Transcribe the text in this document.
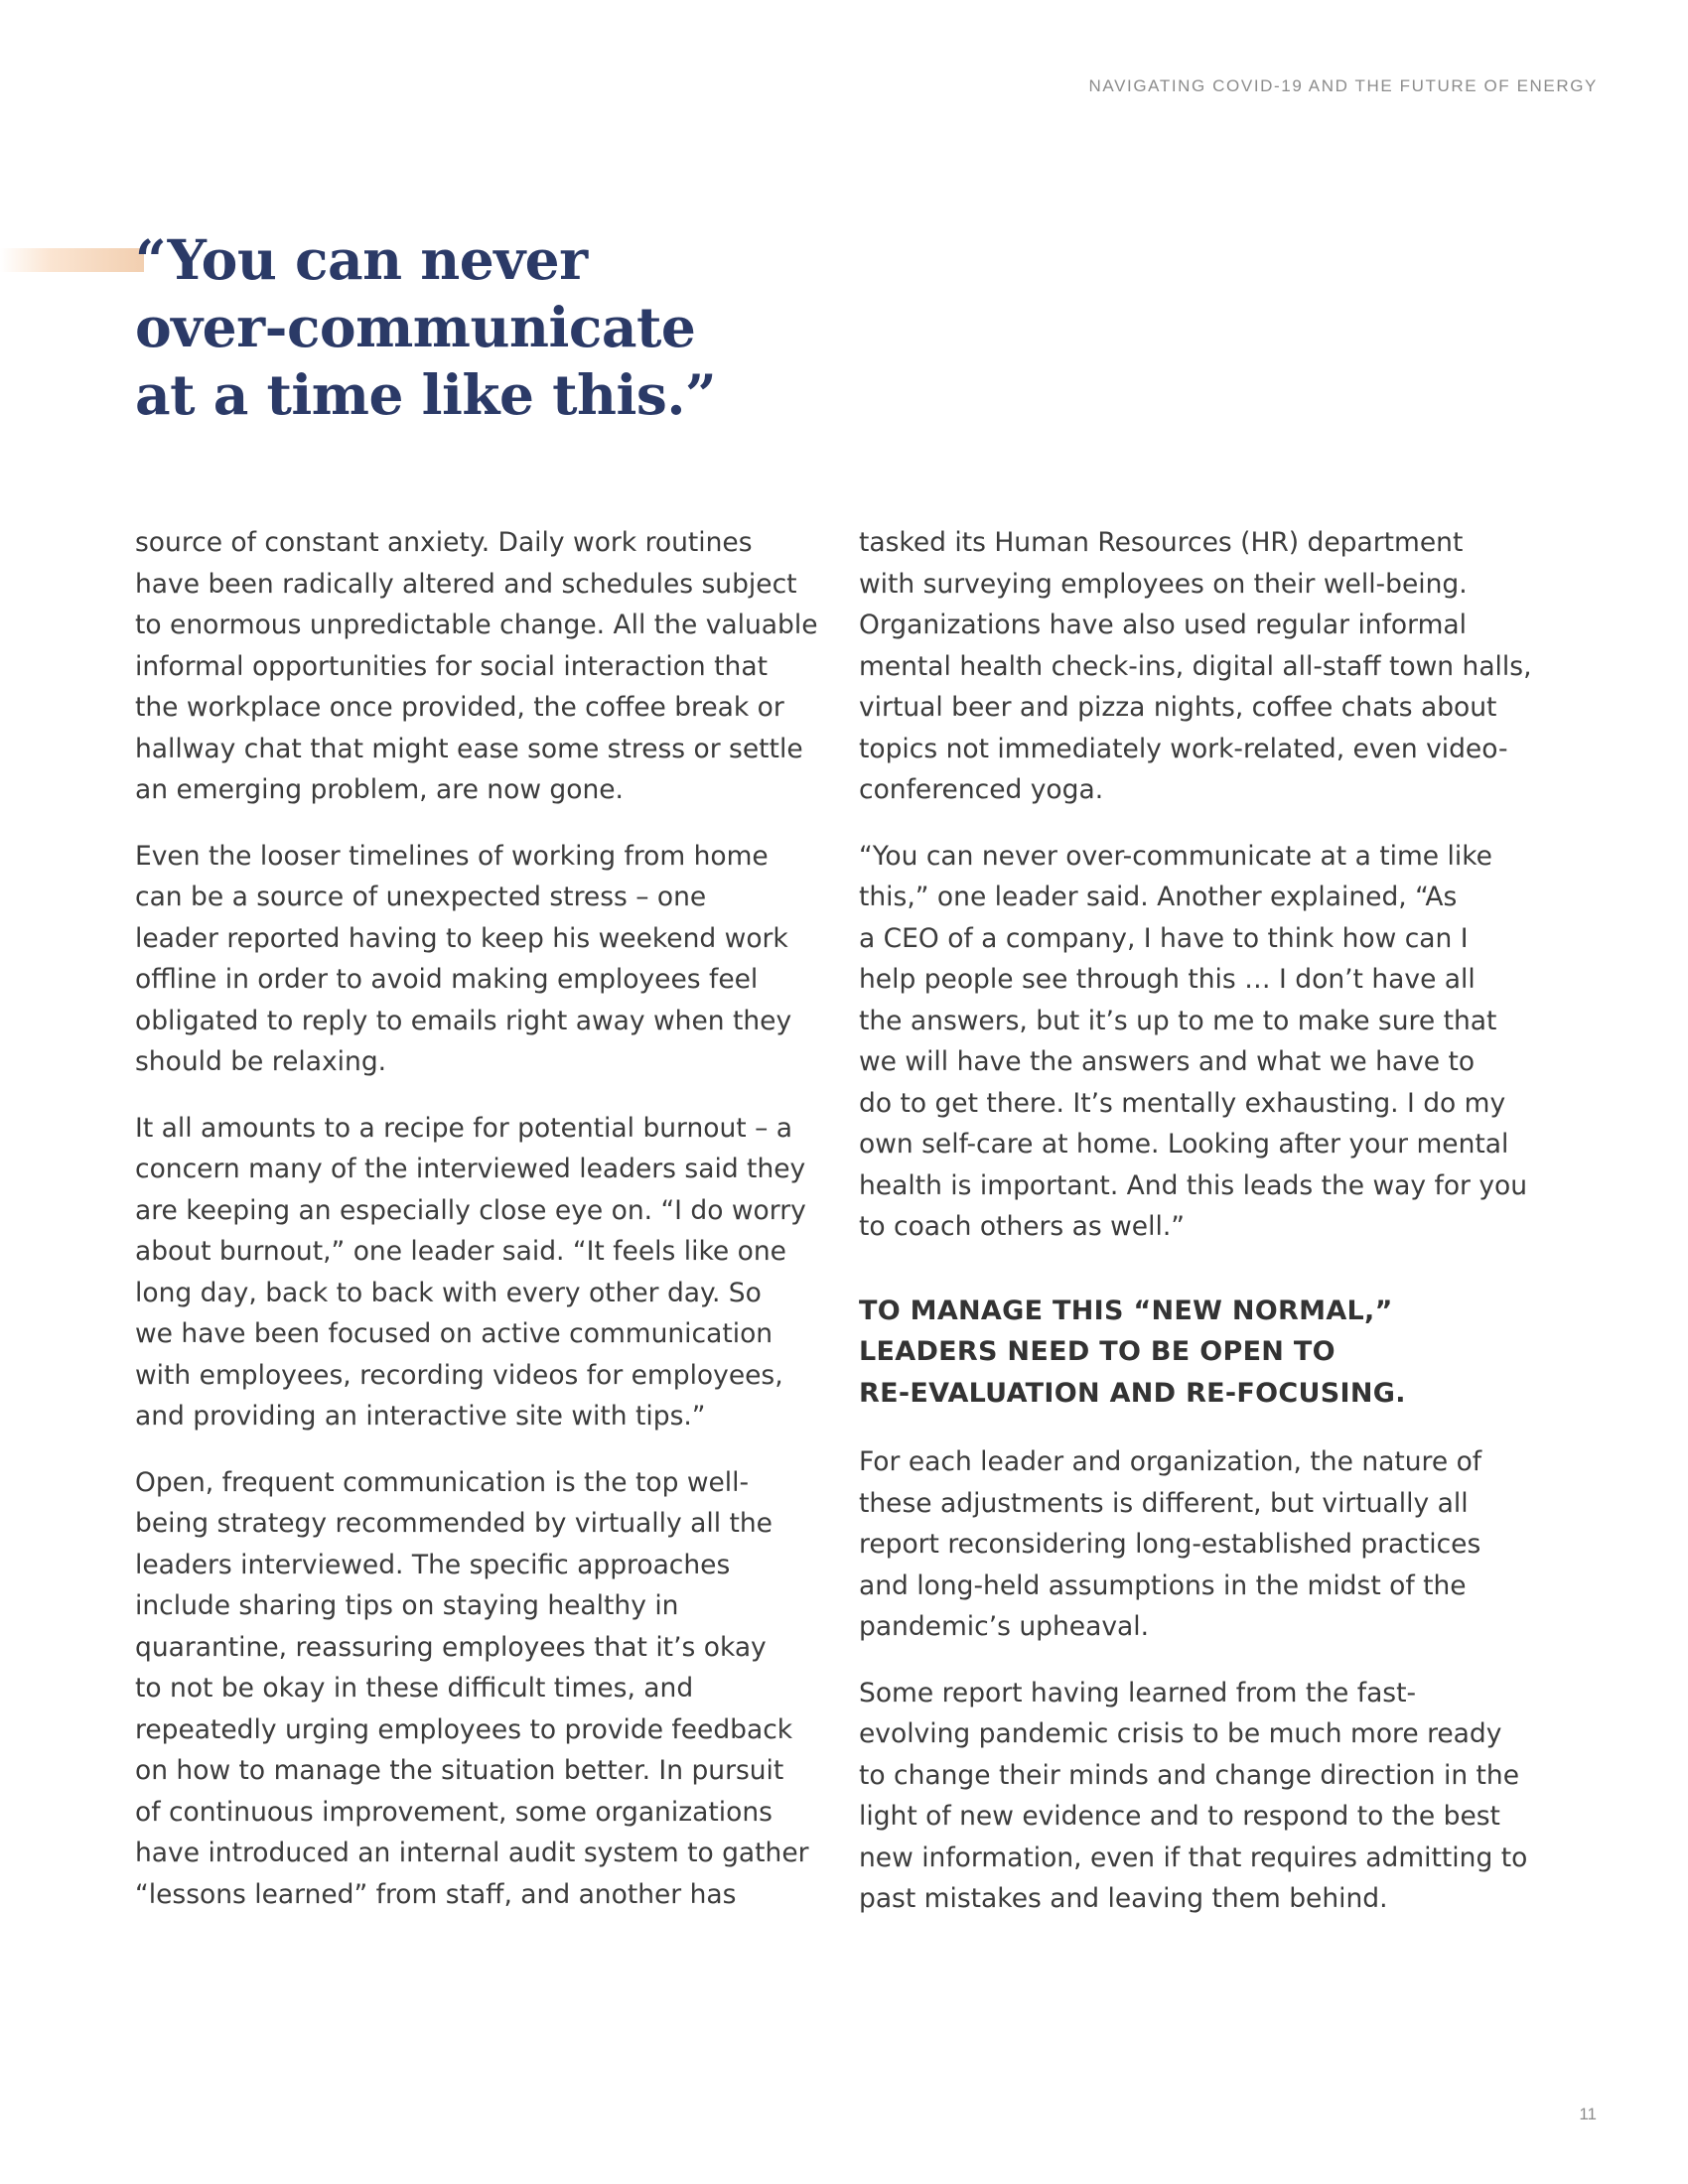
NAVIGATING COVID-19 AND THE FUTURE OF ENERGY
“You can never
over-communicate
at a time like this.”

source of constant anxiety. Daily work routines
have been radically altered and schedules subject
to enormous unpredictable change. All the valuable
informal opportunities for social interaction that
the workplace once provided, the coffee break or
hallway chat that might ease some stress or settle
an emerging problem, are now gone.

Even the looser timelines of working from home
can be a source of unexpected stress – one
leader reported having to keep his weekend work
offline in order to avoid making employees feel
obligated to reply to emails right away when they
should be relaxing.

It all amounts to a recipe for potential burnout – a
concern many of the interviewed leaders said they
are keeping an especially close eye on. “I do worry
about burnout,” one leader said. “It feels like one
long day, back to back with every other day. So
we have been focused on active communication
with employees, recording videos for employees,
and providing an interactive site with tips.”

Open, frequent communication is the top well-
being strategy recommended by virtually all the
leaders interviewed. The specific approaches
include sharing tips on staying healthy in
quarantine, reassuring employees that it’s okay
to not be okay in these difficult times, and
repeatedly urging employees to provide feedback
on how to manage the situation better. In pursuit
of continuous improvement, some organizations
have introduced an internal audit system to gather
“lessons learned” from staff, and another has

tasked its Human Resources (HR) department
with surveying employees on their well-being.
Organizations have also used regular informal
mental health check-ins, digital all-staff town halls,
virtual beer and pizza nights, coffee chats about
topics not immediately work-related, even video-
conferenced yoga.

“You can never over-communicate at a time like
this,” one leader said. Another explained, “As
a CEO of a company, I have to think how can I
help people see through this … I don’t have all
the answers, but it’s up to me to make sure that
we will have the answers and what we have to
do to get there. It’s mentally exhausting. I do my
own self-care at home. Looking after your mental
health is important. And this leads the way for you
to coach others as well.”

TO MANAGE THIS “NEW NORMAL,”
LEADERS NEED TO BE OPEN TO
RE-EVALUATION AND RE-FOCUSING.

For each leader and organization, the nature of
these adjustments is different, but virtually all
report reconsidering long-established practices
and long-held assumptions in the midst of the
pandemic’s upheaval.

Some report having learned from the fast-
evolving pandemic crisis to be much more ready
to change their minds and change direction in the
light of new evidence and to respond to the best
new information, even if that requires admitting to
past mistakes and leaving them behind.

11
